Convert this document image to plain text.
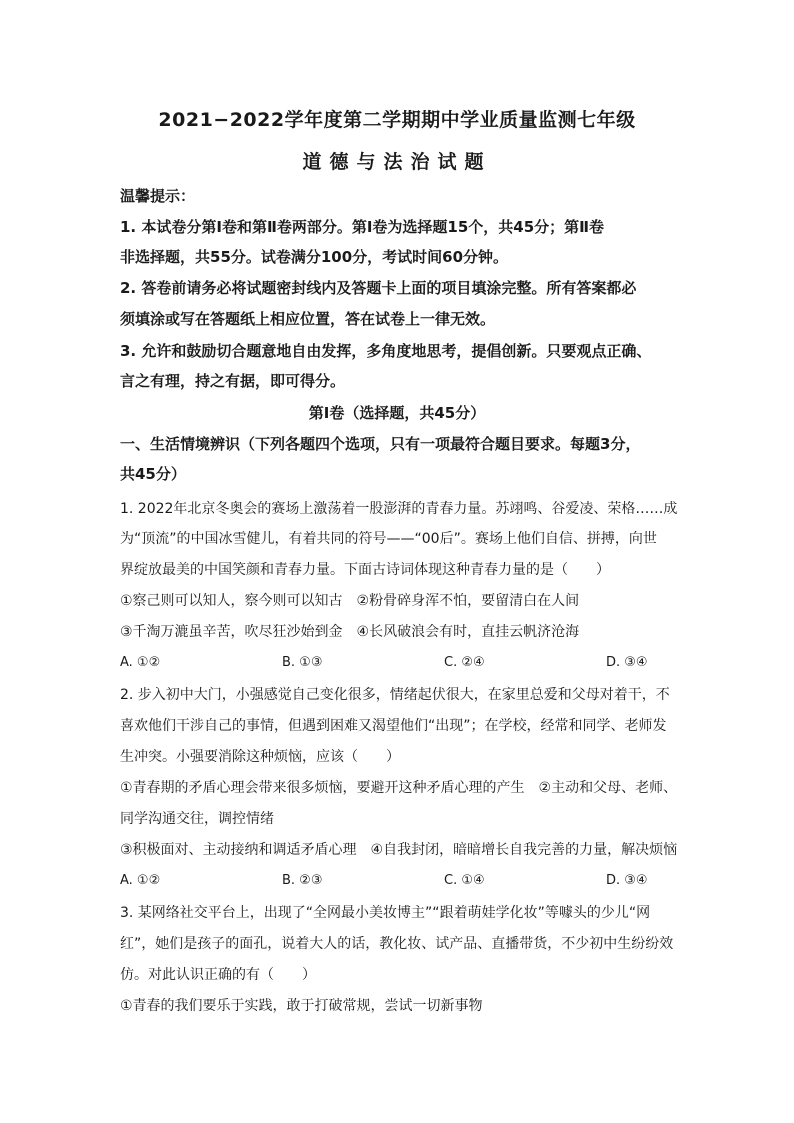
2021−2022学年度第二学期期中学业质量监测七年级
道德与法治试题
温馨提示：
1. 本试卷分第Ⅰ卷和第Ⅱ卷两部分。第Ⅰ卷为选择题15个，共45分；第Ⅱ卷
非选择题，共55分。试卷满分100分，考试时间60分钟。
2. 答卷前请务必将试题密封线内及答题卡上面的项目填涂完整。所有答案都必
须填涂或写在答题纸上相应位置，答在试卷上一律无效。
3. 允许和鼓励切合题意地自由发挥，多角度地思考，提倡创新。只要观点正确、
言之有理，持之有据，即可得分。
第Ⅰ卷（选择题，共45分）
一、生活情境辨识（下列各题四个选项，只有一项最符合题目要求。每题3分，
共45分）
1. 2022年北京冬奥会的赛场上激荡着一股澎湃的青春力量。苏翊鸣、谷爱凌、荣格……成
为“顶流”的中国冰雪健儿，有着共同的符号——“00后”。赛场上他们自信、拼搏，向世
界绽放最美的中国笑颜和青春力量。下面古诗词体现这种青春力量的是（　　）
①察己则可以知人，察今则可以知古　②粉骨碎身浑不怕，要留清白在人间
③千淘万漉虽辛苦，吹尽狂沙始到金　④长风破浪会有时，直挂云帆济沧海
A. ①②	B. ①③	C. ②④	D. ③④
2. 步入初中大门，小强感觉自己变化很多，情绪起伏很大，在家里总爱和父母对着干，不
喜欢他们干涉自己的事情，但遇到困难又渴望他们“出现”；在学校，经常和同学、老师发
生冲突。小强要消除这种烦恼，应该（　　）
①青春期的矛盾心理会带来很多烦恼，要避开这种矛盾心理的产生　②主动和父母、老师、
同学沟通交往，调控情绪
③积极面对、主动接纳和调适矛盾心理　④自我封闭，暗暗增长自我完善的力量，解决烦恼
A. ①②	B. ②③	C. ①④	D. ③④
3. 某网络社交平台上，出现了“全网最小美妆博主”“跟着萌娃学化妆”等噱头的少儿“网
红”，她们是孩子的面孔，说着大人的话，教化妆、试产品、直播带货，不少初中生纷纷效
仿。对此认识正确的有（　　）
①青春的我们要乐于实践，敢于打破常规，尝试一切新事物
